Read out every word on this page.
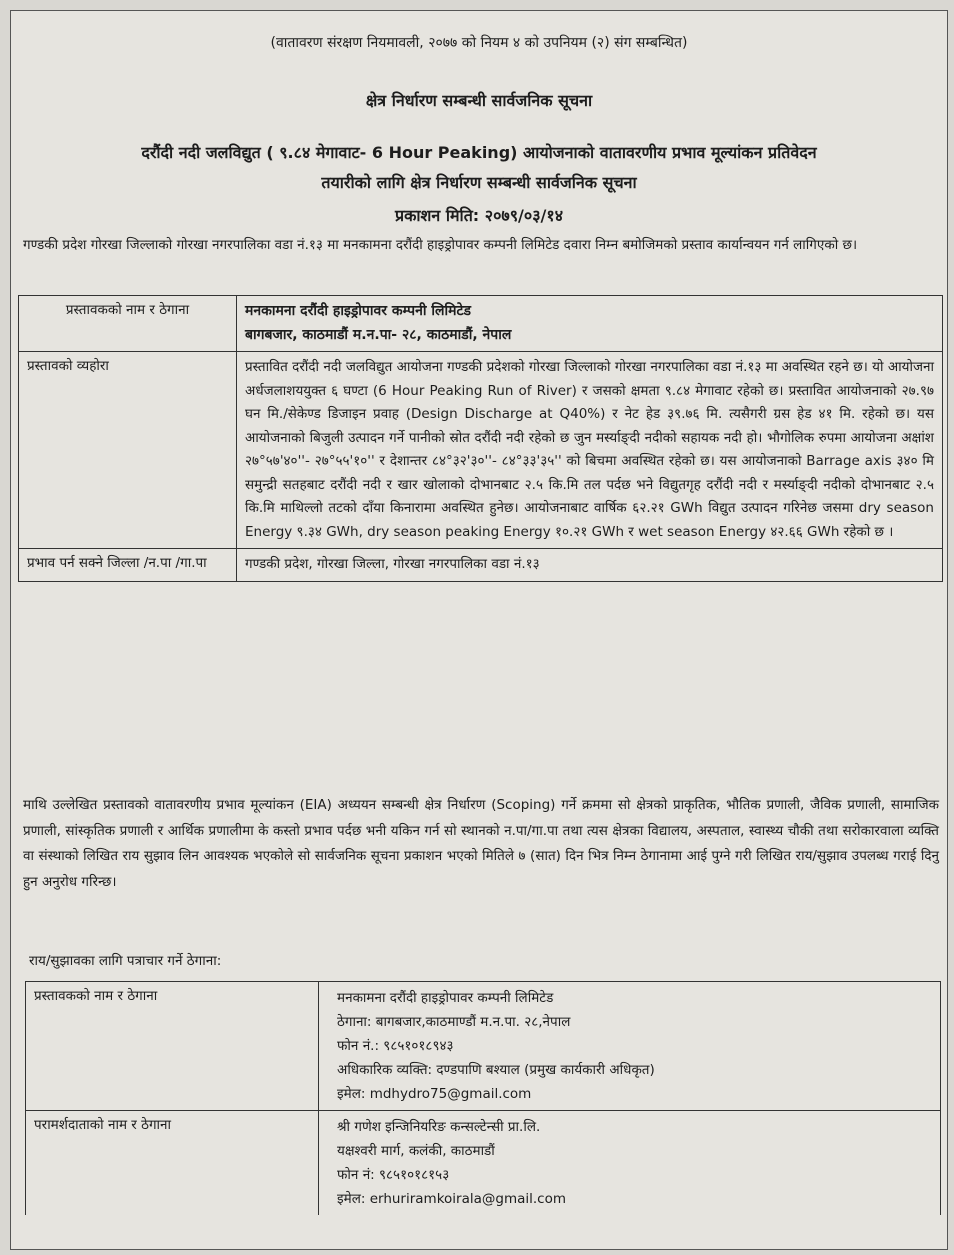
(वातावरण संरक्षण नियमावली, २०७७ को नियम ४ को उपनियम (२) संग सम्बन्धित)
क्षेत्र निर्धारण सम्बन्धी सार्वजनिक सूचना
दरौंदी नदी जलविद्युत ( ९.८४ मेगावाट- 6 Hour Peaking) आयोजनाको वातावरणीय प्रभाव मूल्यांकन प्रतिवेदन
तयारीको लागि क्षेत्र निर्धारण सम्बन्धी सार्वजनिक सूचना
प्रकाशन मिति: २०७९/०३/१४
गण्डकी प्रदेश गोरखा जिल्लाको गोरखा नगरपालिका वडा नं.१३ मा मनकामना दरौंदी हाइड्रोपावर कम्पनी लिमिटेड दवारा निम्न बमोजिमको प्रस्ताव कार्यान्वयन गर्न लागिएको छ।
प्रस्तावकको नाम र ठेगाना	मनकामना दरौंदी हाइड्रोपावर कम्पनी लिमिटेड
बागबजार, काठमाडौं म.न.पा- २८, काठमाडौं, नेपाल

प्रस्तावको व्यहोरा	प्रस्तावित दरौंदी नदी जलविद्युत आयोजना गण्डकी प्रदेशको गोरखा जिल्लाको गोरखा नगरपालिका वडा नं.१३ मा अवस्थित रहने छ। यो आयोजना अर्धजलाशययुक्त ६ घण्टा (6 Hour Peaking Run of River) र जसको क्षमता ९.८४ मेगावाट रहेको छ। प्रस्तावित आयोजनाको २७.९७ घन मि./सेकेण्ड डिजाइन प्रवाह (Design Discharge at Q40%) र नेट हेड ३९.७६ मि. त्यसैगरी ग्रस हेड ४१ मि. रहेको छ। यस आयोजनाको बिजुली उत्पादन गर्ने पानीको स्रोत दरौंदी नदी रहेको छ जुन मर्स्याङ्दी नदीको सहायक नदी हो। भौगोलिक रुपमा आयोजना अक्षांश २७°५७'४०''- २७°५५'१०'' र देशान्तर ८४°३२'३०''- ८४°३३'३५'' को बिचमा अवस्थित रहेको छ। यस आयोजनाको Barrage axis ३४० मि समुन्द्री सतहबाट दरौंदी नदी र खार खोलाको दोभानबाट २.५ कि.मि तल पर्दछ भने विद्युतगृह दरौंदी नदी र मर्स्याङ्दी नदीको दोभानबाट २.५ कि.मि माथिल्लो तटको दाँया किनारामा अवस्थित हुनेछ। आयोजनाबाट वार्षिक ६२.२१ GWh विद्युत उत्पादन गरिनेछ जसमा dry season Energy ९.३४ GWh, dry season peaking Energy १०.२१ GWh र wet season Energy ४२.६६ GWh रहेको छ ।
प्रभाव पर्न सक्ने जिल्ला /न.पा /गा.पा	गण्डकी प्रदेश, गोरखा जिल्ला, गोरखा नगरपालिका वडा नं.१३
माथि उल्लेखित प्रस्तावको वातावरणीय प्रभाव मूल्यांकन (EIA) अध्ययन सम्बन्धी क्षेत्र निर्धारण (Scoping) गर्ने क्रममा सो क्षेत्रको प्राकृतिक, भौतिक प्रणाली, जैविक प्रणाली, सामाजिक प्रणाली, सांस्कृतिक प्रणाली र आर्थिक प्रणालीमा के कस्तो प्रभाव पर्दछ भनी यकिन गर्न सो स्थानको न.पा/गा.पा तथा त्यस क्षेत्रका विद्यालय, अस्पताल, स्वास्थ्य चौकी तथा सरोकारवाला व्यक्ति वा संस्थाको लिखित राय सुझाव लिन आवश्यक भएकोले सो सार्वजनिक सूचना प्रकाशन भएको मितिले ७ (सात) दिन भित्र निम्न ठेगानामा आई पुग्ने गरी लिखित राय/सुझाव उपलब्ध गराई दिनु हुन अनुरोध गरिन्छ।
राय/सुझावका लागि पत्राचार गर्ने ठेगाना:
प्रस्तावकको नाम र ठेगाना	मनकामना दरौंदी हाइड्रोपावर कम्पनी लिमिटेड
ठेगाना: बागबजार,काठमाण्डौं म.न.पा. २८,नेपाल
फोन नं.: ९८५१०१८९४३
अधिकारिक व्यक्ति: दण्डपाणि बश्याल (प्रमुख कार्यकारी अधिकृत)
इमेल: mdhydro75@gmail.com

परामर्शदाताको नाम र ठेगाना	श्री गणेश इन्जिनियरिङ कन्सल्टेन्सी प्रा.लि.
यक्षश्वरी मार्ग, कलंकी, काठमाडौं
फोन नं: ९८५१०१८१५३
इमेल: erhuriramkoirala@gmail.com
